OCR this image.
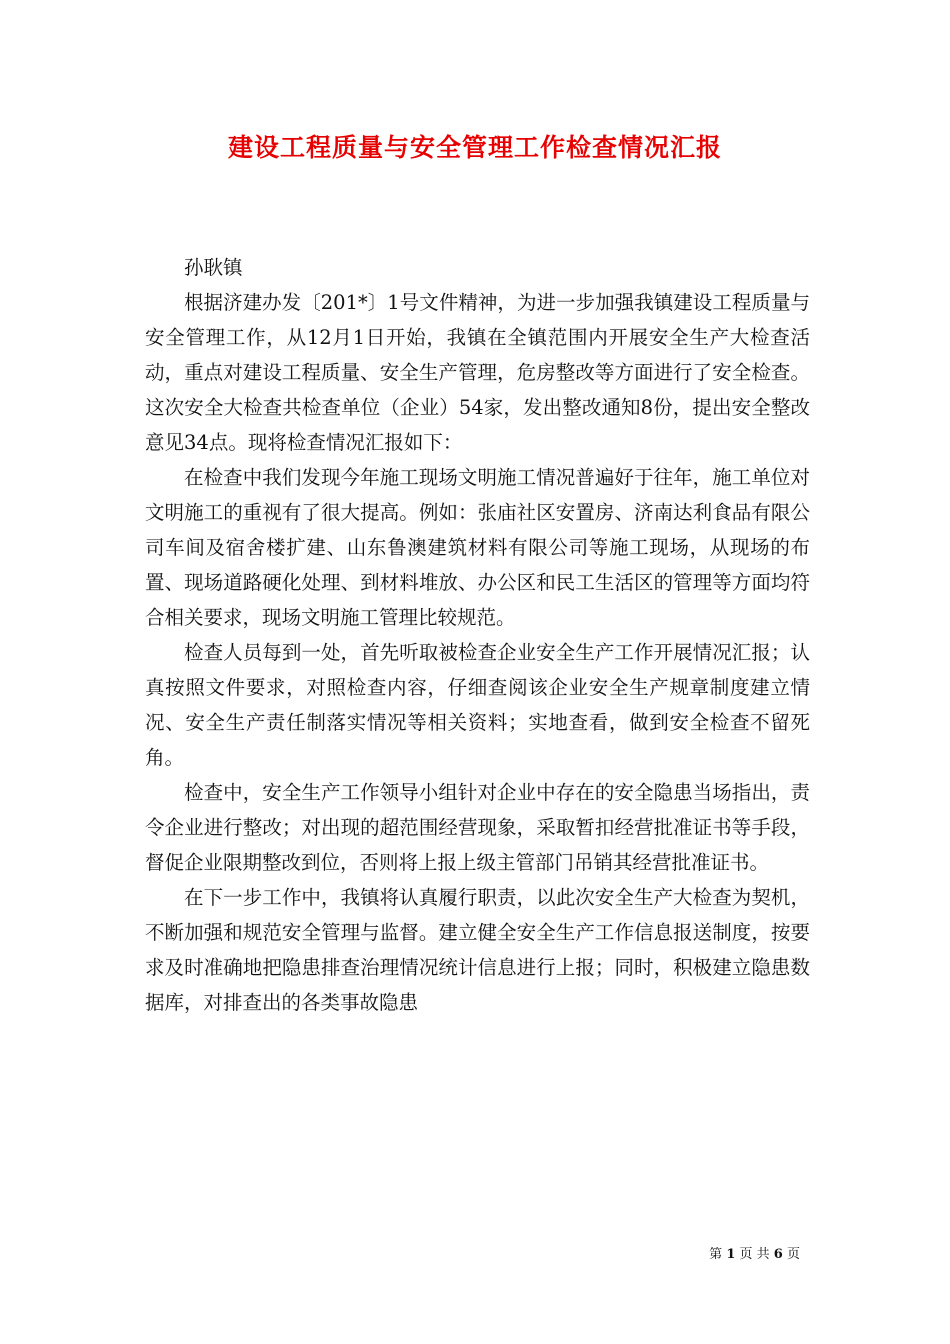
建设工程质量与安全管理工作检查情况汇报

孙耿镇

根据济建办发〔201*〕1号文件精神，为进一步加强我镇建设工程质量与安全管理工作，从12月1日开始，我镇在全镇范围内开展安全生产大检查活动，重点对建设工程质量、安全生产管理，危房整改等方面进行了安全检查。这次安全大检查共检查单位（企业）54家，发出整改通知8份，提出安全整改意见34点。现将检查情况汇报如下：

在检查中我们发现今年施工现场文明施工情况普遍好于往年，施工单位对文明施工的重视有了很大提高。例如：张庙社区安置房、济南达利食品有限公司车间及宿舍楼扩建、山东鲁澳建筑材料有限公司等施工现场，从现场的布置、现场道路硬化处理、到材料堆放、办公区和民工生活区的管理等方面均符合相关要求，现场文明施工管理比较规范。

检查人员每到一处，首先听取被检查企业安全生产工作开展情况汇报；认真按照文件要求，对照检查内容，仔细查阅该企业安全生产规章制度建立情况、安全生产责任制落实情况等相关资料；实地查看，做到安全检查不留死角。

检查中，安全生产工作领导小组针对企业中存在的安全隐患当场指出，责令企业进行整改；对出现的超范围经营现象，采取暂扣经营批准证书等手段，督促企业限期整改到位，否则将上报上级主管部门吊销其经营批准证书。

在下一步工作中，我镇将认真履行职责，以此次安全生产大检查为契机，不断加强和规范安全管理与监督。建立健全安全生产工作信息报送制度，按要求及时准确地把隐患排查治理情况统计信息进行上报；同时，积极建立隐患数据库，对排查出的各类事故隐患

第 1 页 共 6 页
